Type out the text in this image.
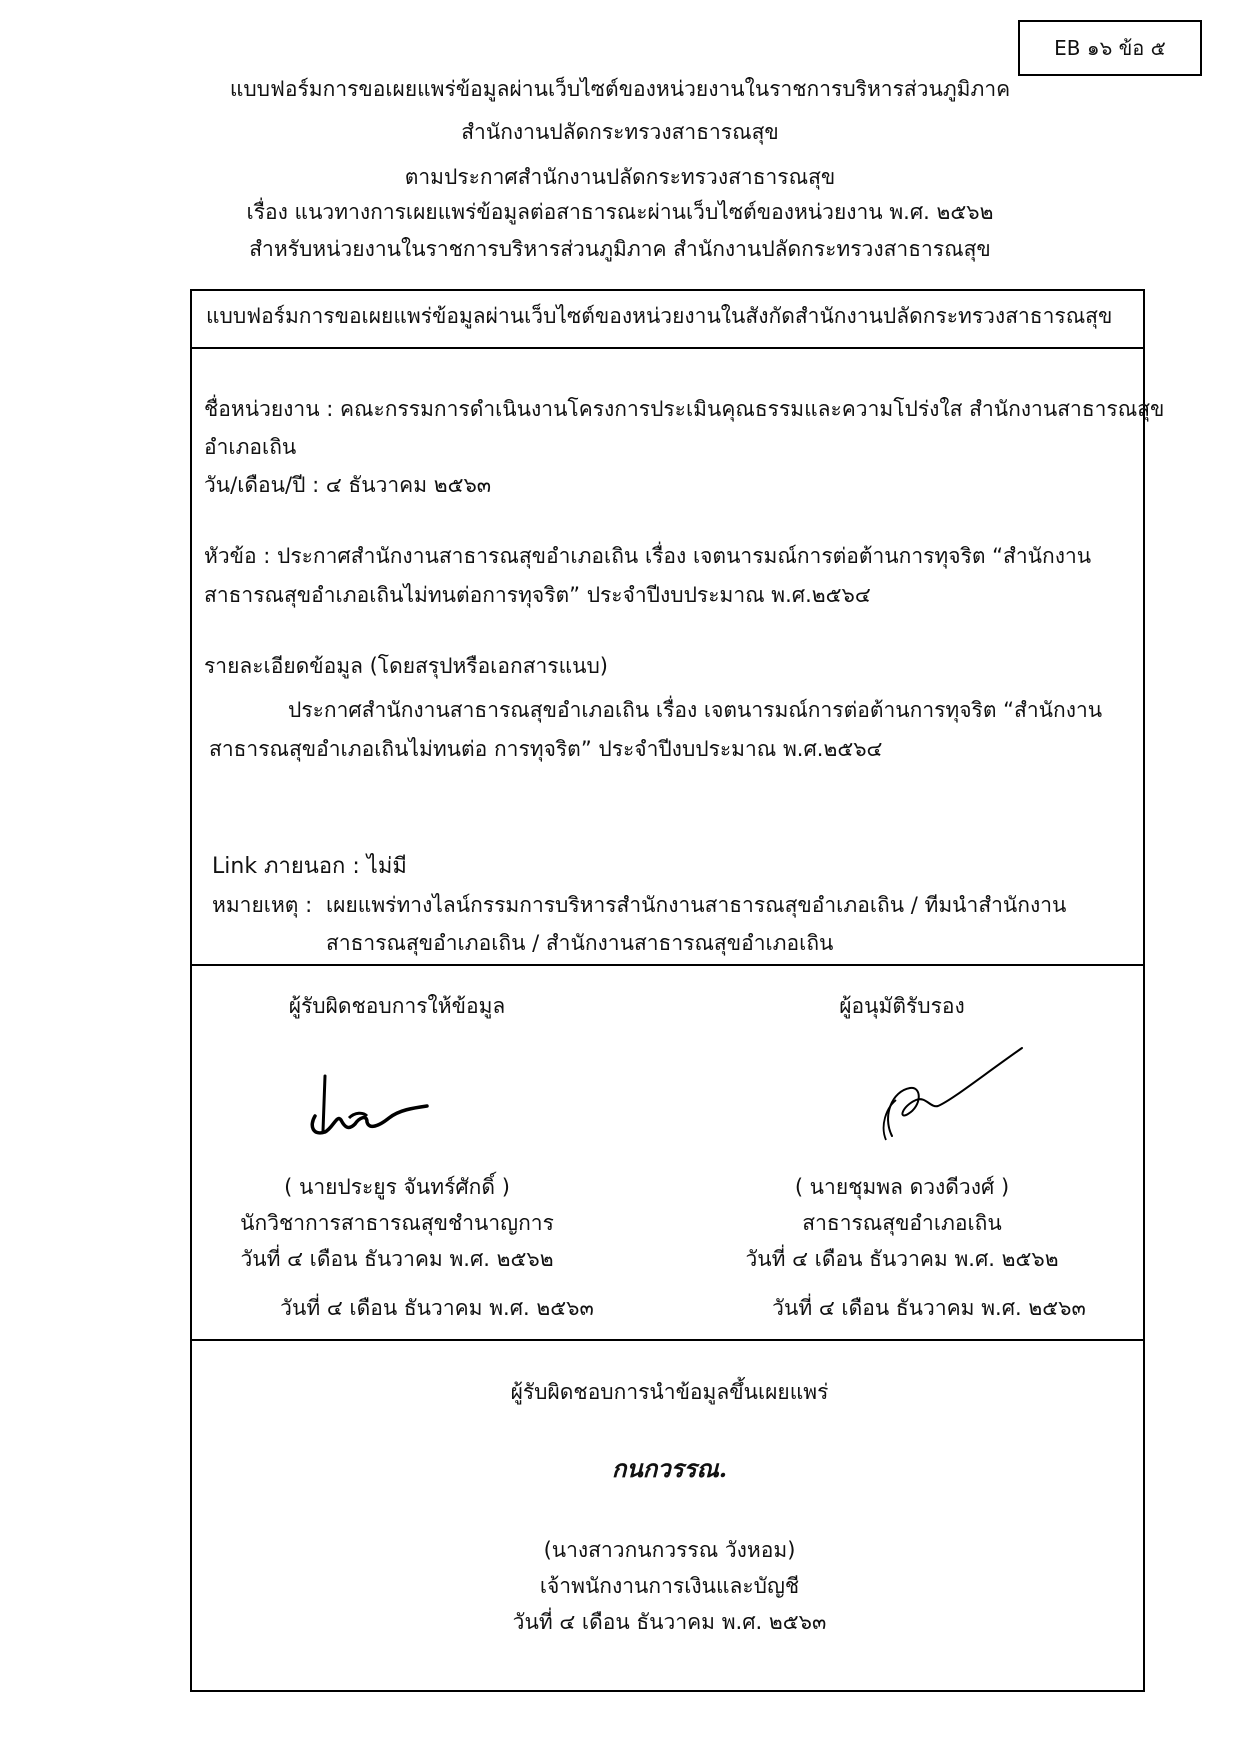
EB ๑๖ ข้อ ๕
แบบฟอร์มการขอเผยแพร่ข้อมูลผ่านเว็บไซต์ของหน่วยงานในราชการบริหารส่วนภูมิภาค
สำนักงานปลัดกระทรวงสาธารณสุข
ตามประกาศสำนักงานปลัดกระทรวงสาธารณสุข
เรื่อง แนวทางการเผยแพร่ข้อมูลต่อสาธารณะผ่านเว็บไซต์ของหน่วยงาน พ.ศ. ๒๕๖๒
สำหรับหน่วยงานในราชการบริหารส่วนภูมิภาค สำนักงานปลัดกระทรวงสาธารณสุข
แบบฟอร์มการขอเผยแพร่ข้อมูลผ่านเว็บไซต์ของหน่วยงานในสังกัดสำนักงานปลัดกระทรวงสาธารณสุข
ชื่อหน่วยงาน : คณะกรรมการดำเนินงานโครงการประเมินคุณธรรมและความโปร่งใส สำนักงานสาธารณสุข
อำเภอเถิน
วัน/เดือน/ปี : ๔ ธันวาคม ๒๕๖๓
หัวข้อ : ประกาศสำนักงานสาธารณสุขอำเภอเถิน เรื่อง เจตนารมณ์การต่อต้านการทุจริต “สำนักงาน
สาธารณสุขอำเภอเถินไม่ทนต่อการทุจริต” ประจำปีงบประมาณ พ.ศ.๒๕๖๔
รายละเอียดข้อมูล (โดยสรุปหรือเอกสารแนบ)
ประกาศสำนักงานสาธารณสุขอำเภอเถิน เรื่อง เจตนารมณ์การต่อต้านการทุจริต “สำนักงาน
สาธารณสุขอำเภอเถินไม่ทนต่อ การทุจริต” ประจำปีงบประมาณ พ.ศ.๒๕๖๔
Link ภายนอก : ไม่มี
หมายเหตุ : เผยแพร่ทางไลน์กรรมการบริหารสำนักงานสาธารณสุขอำเภอเถิน / ทีมนำสำนักงาน
สาธารณสุขอำเภอเถิน / สำนักงานสาธารณสุขอำเภอเถิน
ผู้รับผิดชอบการให้ข้อมูล
( นายประยูร จันทร์ศักดิ์ )
นักวิชาการสาธารณสุขชำนาญการ
วันที่ ๔ เดือน ธันวาคม พ.ศ. ๒๕๖๒
วันที่ ๔ เดือน ธันวาคม พ.ศ. ๒๕๖๓
ผู้อนุมัติรับรอง
( นายชุมพล ดวงดีวงศ์ )
สาธารณสุขอำเภอเถิน
วันที่ ๔ เดือน ธันวาคม พ.ศ. ๒๕๖๒
วันที่ ๔ เดือน ธันวาคม พ.ศ. ๒๕๖๓
ผู้รับผิดชอบการนำข้อมูลขึ้นเผยแพร่
กนกวรรณ.
(นางสาวกนกวรรณ วังหอม)
เจ้าพนักงานการเงินและบัญชี
วันที่ ๔ เดือน ธันวาคม พ.ศ. ๒๕๖๓
